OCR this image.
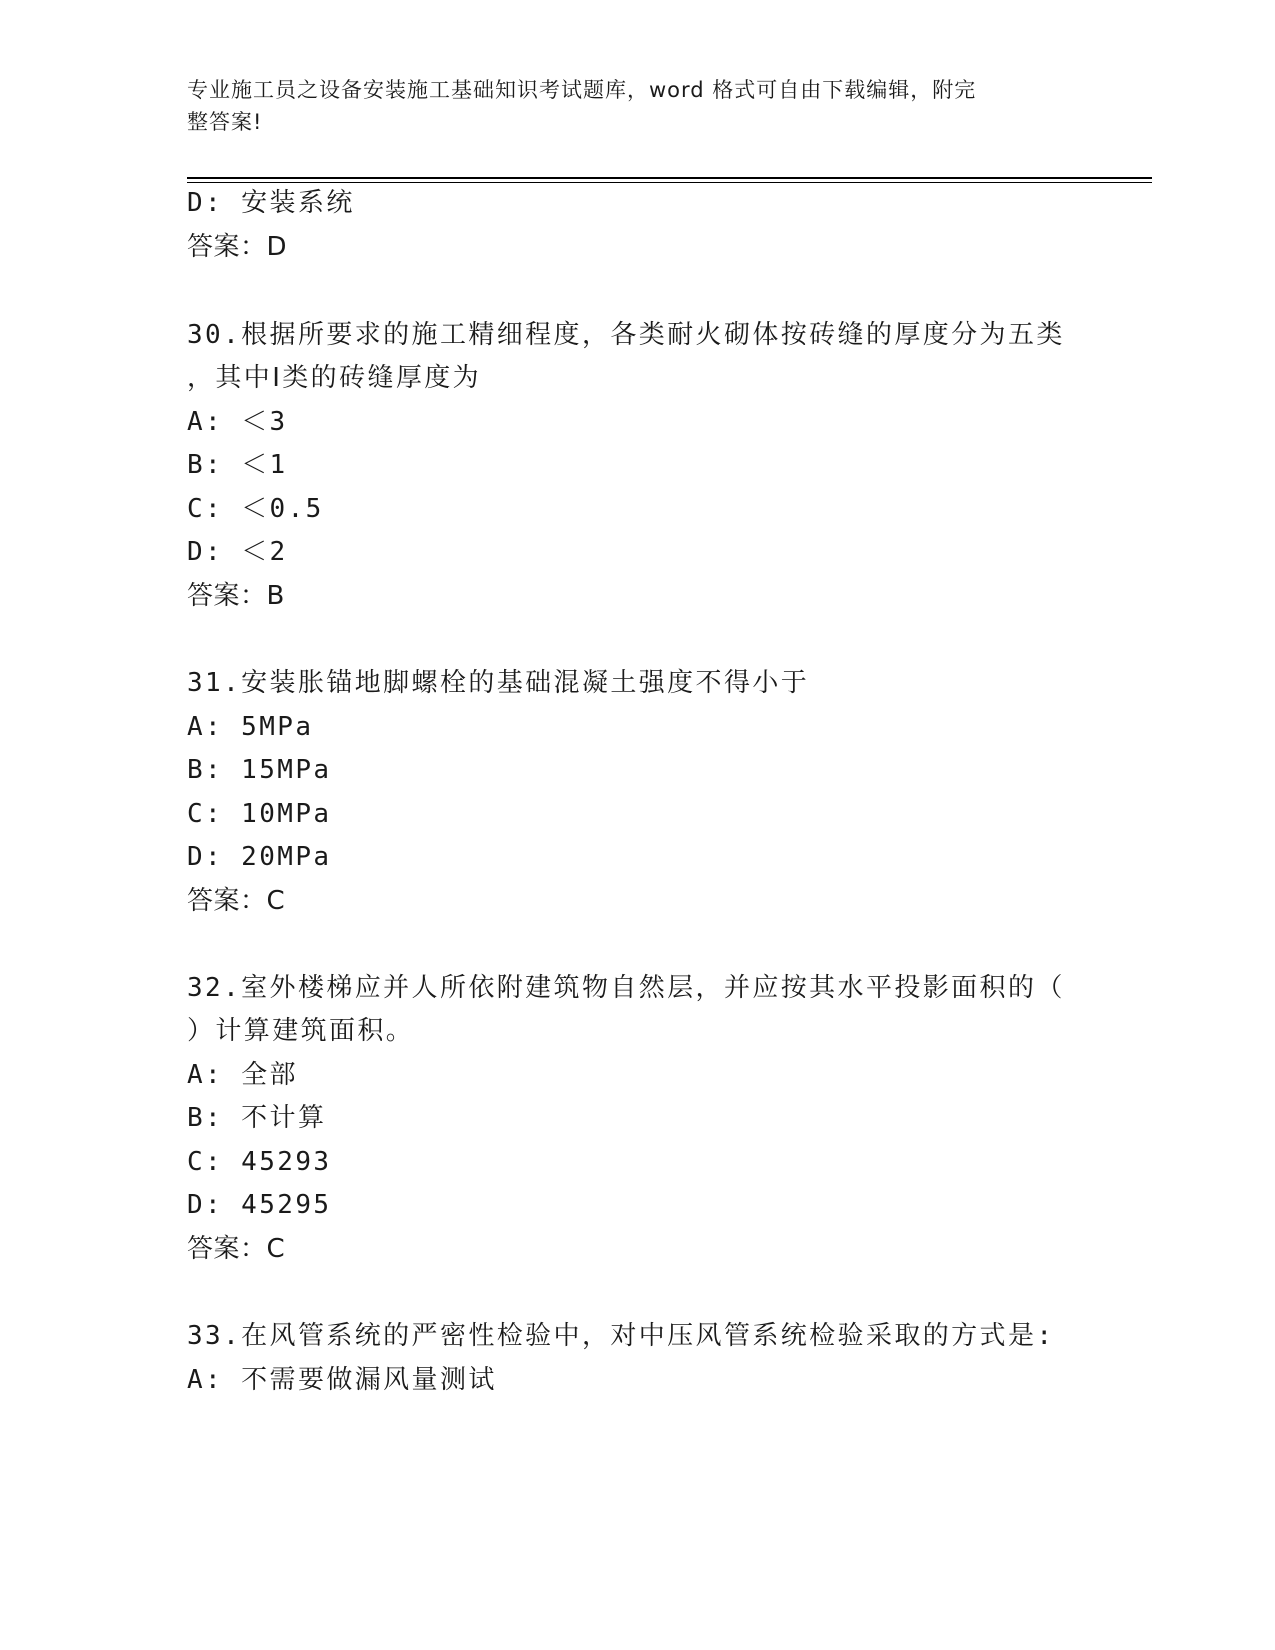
专业施工员之设备安装施工基础知识考试题库，word 格式可自由下载编辑，附完
整答案!
D: 安装系统
答案：D
30.根据所要求的施工精细程度，各类耐火砌体按砖缝的厚度分为五类
，其中Ⅰ类的砖缝厚度为
A: ＜3
B: ＜1
C: ＜0.5
D: ＜2
答案：B
31.安装胀锚地脚螺栓的基础混凝土强度不得小于
A: 5MPa
B: 15MPa
C: 10MPa
D: 20MPa
答案：C
32.室外楼梯应并人所依附建筑物自然层，并应按其水平投影面积的（
）计算建筑面积。
A: 全部
B: 不计算
C: 45293
D: 45295
答案：C
33.在风管系统的严密性检验中，对中压风管系统检验采取的方式是:
A: 不需要做漏风量测试
